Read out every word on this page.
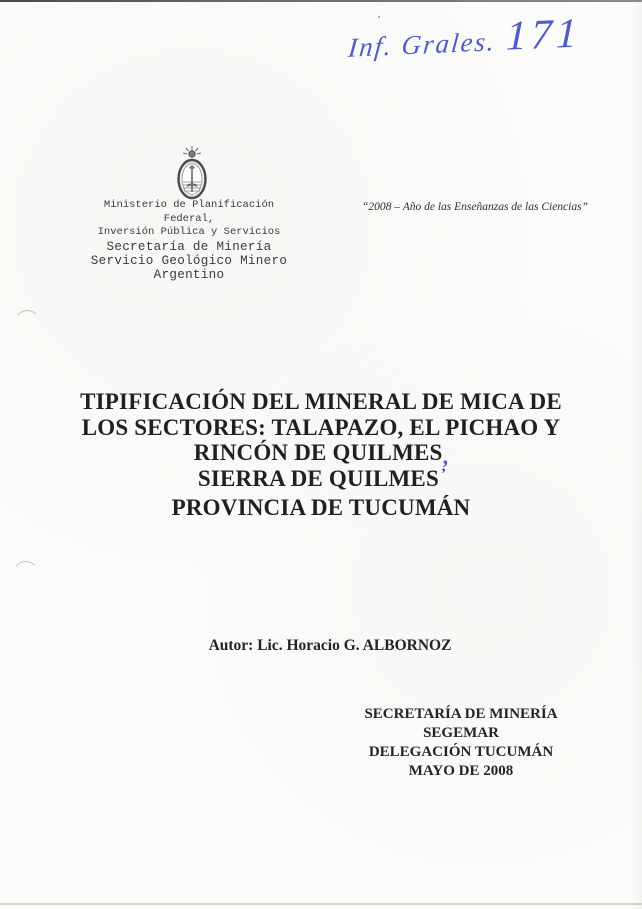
Inf. Grales. 171
Ministerio de Planificación
Federal,
Inversión Pública y Servicios
Secretaría de Minería
Servicio Geológico Minero
Argentino
“2008 – Año de las Enseñanzas de las Ciencias”
TIPIFICACIÓN DEL MINERAL DE MICA DE
LOS SECTORES: TALAPAZO, EL PICHAO Y
RINCÓN DE QUILMES,
SIERRA DE QUILMES ’
PROVINCIA DE TUCUMÁN
Autor: Lic. Horacio G. ALBORNOZ
SECRETARÍA DE MINERÍA
SEGEMAR
DELEGACIÓN TUCUMÁN
MAYO DE 2008
